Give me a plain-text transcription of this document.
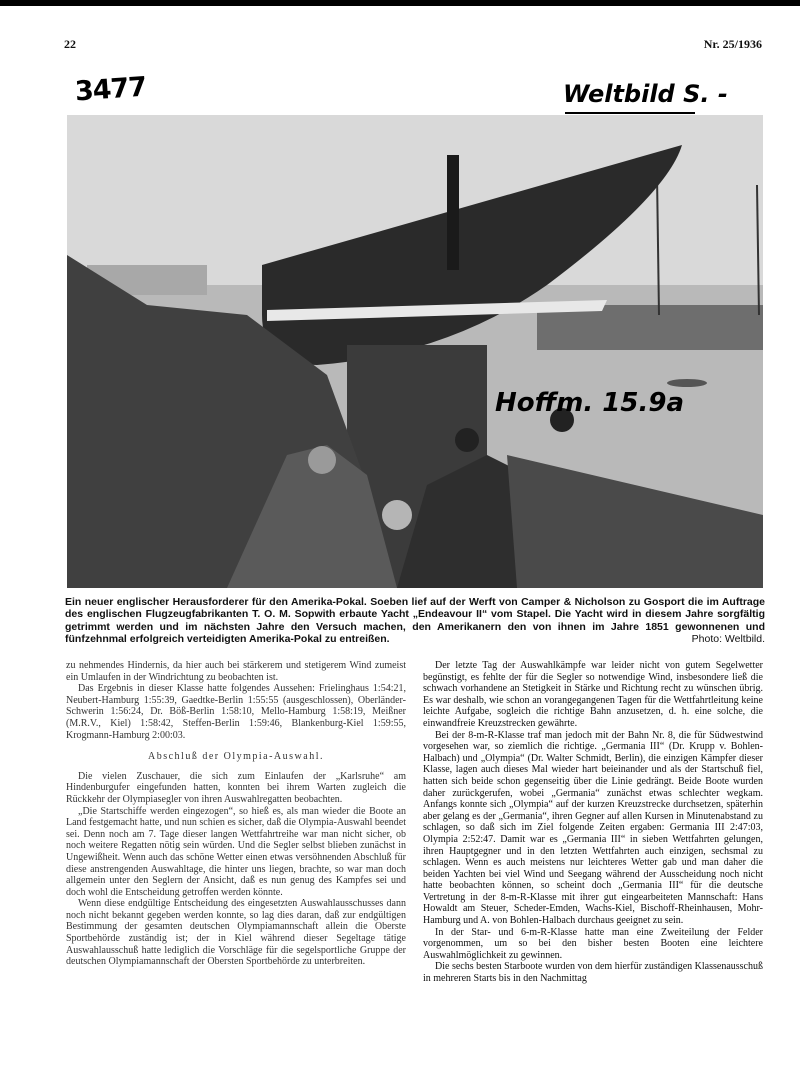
22	Nr. 25/1936
3477	Weltbild S. -
Hoffm. 15.9a
Ein neuer englischer Herausforderer für den Amerika-Pokal. Soeben lief auf der Werft von Camper & Nicholson zu Gosport die im Auftrage des englischen Flugzeugfabrikanten T. O. M. Sopwith erbaute Yacht „Endeavour II“ vom Stapel. Die Yacht wird in diesem Jahre sorgfältig getrimmt werden und im nächsten Jahre den Versuch machen, den Amerikanern den von ihnen im Jahre 1851 gewonnenen und fünfzehnmal erfolgreich verteidigten Amerika-Pokal zu entreißen.	Photo: Weltbild.

zu nehmendes Hindernis, da hier auch bei stärkerem und stetigerem Wind zumeist ein Umlaufen in der Windrichtung zu beobachten ist.

Das Ergebnis in dieser Klasse hatte folgendes Aussehen: Frielinghaus 1:54:21, Neubert-Hamburg 1:55:39, Gaedtke-Berlin 1:55:55 (ausgeschlossen), Oberländer-Schwerin 1:56:24, Dr. Böß-Berlin 1:58:10, Mello-Hamburg 1:58:19, Meißner (M.R.V., Kiel) 1:58:42, Steffen-Berlin 1:59:46, Blankenburg-Kiel 1:59:55, Krogmann-Hamburg 2:00:03.

Abschluß der Olympia-Auswahl.

Die vielen Zuschauer, die sich zum Einlaufen der „Karlsruhe“ am Hindenburgufer eingefunden hatten, konnten bei ihrem Warten zugleich die Rückkehr der Olympiasegler von ihren Auswahlregatten beobachten.

„Die Startschiffe werden eingezogen“, so hieß es, als man wieder die Boote an Land festgemacht hatte, und nun schien es sicher, daß die Olympia-Auswahl beendet sei. Denn noch am 7. Tage dieser langen Wettfahrtreihe war man nicht sicher, ob noch weitere Regatten nötig sein würden. Und die Segler selbst blieben zunächst in Ungewißheit. Wenn auch das schöne Wetter einen etwas versöhnenden Abschluß für diese anstrengenden Auswahltage, die hinter uns liegen, brachte, so war man doch allgemein unter den Seglern der Ansicht, daß es nun genug des Kampfes sei und doch wohl die Entscheidung getroffen werden könnte.

Wenn diese endgültige Entscheidung des eingesetzten Auswahlausschusses dann noch nicht bekannt gegeben werden konnte, so lag dies daran, daß zur endgültigen Bestimmung der gesamten deutschen Olympiamannschaft allein die Oberste Sportbehörde zuständig ist; der in Kiel während dieser Segeltage tätige Auswahlausschuß hatte lediglich die Vorschläge für die segelsportliche Gruppe der deutschen Olympiamannschaft der Obersten Sportbehörde zu unterbreiten.

Der letzte Tag der Auswahlkämpfe war leider nicht von gutem Segelwetter begünstigt, es fehlte der für die Segler so notwendige Wind, insbesondere ließ die schwach vorhandene an Stetigkeit in Stärke und Richtung recht zu wünschen übrig. Es war deshalb, wie schon an vorangegangenen Tagen für die Wettfahrtleitung keine leichte Aufgabe, sogleich die richtige Bahn anzusetzen, d. h. eine solche, die einwandfreie Kreuzstrecken gewährte.

Bei der 8-m-R-Klasse traf man jedoch mit der Bahn Nr. 8, die für Südwestwind vorgesehen war, so ziemlich die richtige. „Germania III“ (Dr. Krupp v. Bohlen-Halbach) und „Olympia“ (Dr. Walter Schmidt, Berlin), die einzigen Kämpfer dieser Klasse, lagen auch dieses Mal wieder hart beieinander und als der Startschuß fiel, hatten sich beide schon gegenseitig über die Linie gedrängt. Beide Boote wurden daher zurückgerufen, wobei „Germania“ zunächst etwas schlechter wegkam. Anfangs konnte sich „Olympia“ auf der kurzen Kreuzstrecke durchsetzen, späterhin aber gelang es der „Germania“, ihren Gegner auf allen Kursen in Minutenabstand zu schlagen, so daß sich im Ziel folgende Zeiten ergaben: Germania III 2:47:03, Olympia 2:52:47. Damit war es „Germania III“ in sieben Wettfahrten gelungen, ihren Hauptgegner und in den letzten Wettfahrten auch einzigen, sechsmal zu schlagen. Wenn es auch meistens nur leichteres Wetter gab und man daher die beiden Yachten bei viel Wind und Seegang während der Ausscheidung noch nicht hatte beobachten können, so scheint doch „Germania III“ für die deutsche Vertretung in der 8-m-R-Klasse mit ihrer gut eingearbeiteten Mannschaft: Hans Howaldt am Steuer, Scheder-Emden, Wachs-Kiel, Bischoff-Rheinhausen, Mohr-Hamburg und A. von Bohlen-Halbach durchaus geeignet zu sein.

In der Star- und 6-m-R-Klasse hatte man eine Zweiteilung der Felder vorgenommen, um so bei den bisher besten Booten eine leichtere Auswahlmöglichkeit zu gewinnen.

Die sechs besten Starboote wurden von dem hierfür zuständigen Klassenausschuß in mehreren Starts bis in den Nachmittag
